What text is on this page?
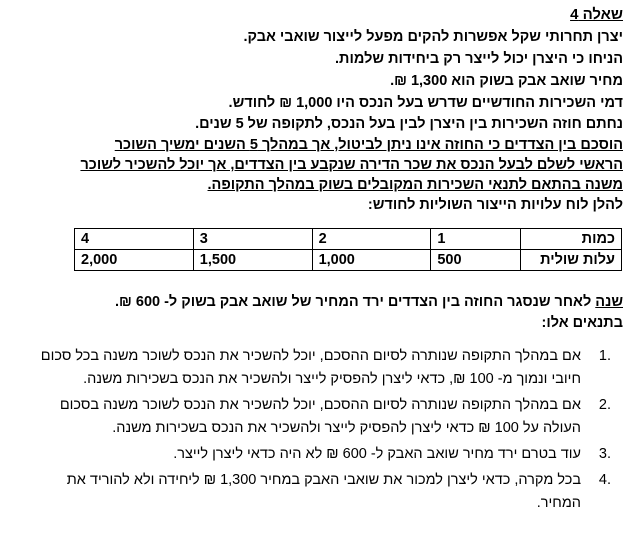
שאלה 4
יצרן תחרותי שקל אפשרות להקים מפעל לייצור שואבי אבק.
הניחו כי היצרן יכול לייצר רק ביחידות שלמות.
מחיר שואב אבק בשוק הוא 1,300 ₪.
דמי השכירות החודשיים שדרש בעל הנכס היו 1,000 ₪ לחודש.
נחתם חוזה השכירות בין היצרן לבין בעל הנכס, לתקופה של 5 שנים.
הוסכם בין הצדדים כי החוזה אינו ניתן לביטול, אך במהלך 5 השנים ימשיך השוכר
הראשי לשלם לבעל הנכס את שכר הדירה שנקבע בין הצדדים, אך יוכל להשכיר לשוכר
משנה בהתאם לתנאי השכירות המקובלים בשוק במהלך התקופה.
להלן לוח עלויות הייצור השוליות לחודש:
כמות	1	2	3	4
עלות שולית	500	1,000	1,500	2,000
שנה לאחר שנסגר החוזה בין הצדדים ירד המחיר של שואב אבק בשוק ל- 600 ₪.
בתנאים אלו:
1.
אם במהלך התקופה שנותרה לסיום ההסכם, יוכל להשכיר את הנכס לשוכר משנה בכל סכום חיובי ונמוך מ- 100 ₪, כדאי ליצרן להפסיק לייצר ולהשכיר את הנכס בשכירות משנה.
2.
אם במהלך התקופה שנותרה לסיום ההסכם, יוכל להשכיר את הנכס לשוכר משנה בסכום העולה על 100 ₪ כדאי ליצרן להפסיק לייצר ולהשכיר את הנכס בשכירות משנה.
3.
עוד בטרם ירד מחיר שואב האבק ל- 600 ₪ לא היה כדאי ליצרן לייצר.
4.
בכל מקרה, כדאי ליצרן למכור את שואבי האבק במחיר 1,300 ₪ ליחידה ולא להוריד את המחיר.
